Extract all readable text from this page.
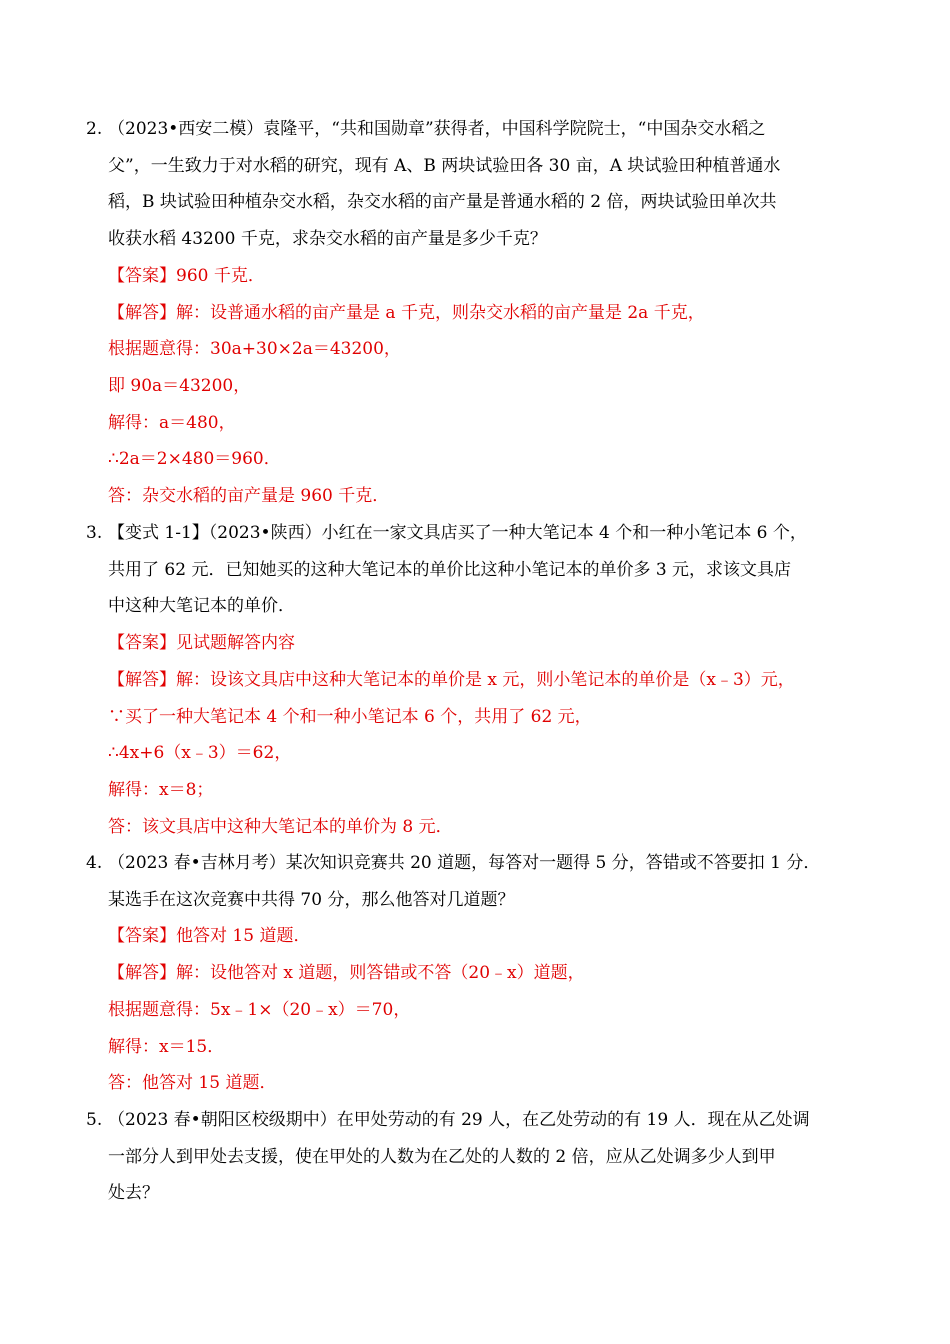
2. （2023•西安二模）袁隆平，“共和国勋章”获得者，中国科学院院士，“中国杂交水稻之
父”，一生致力于对水稻的研究，现有 A、B 两块试验田各 30 亩，A 块试验田种植普通水
稻，B 块试验田种植杂交水稻，杂交水稻的亩产量是普通水稻的 2 倍，两块试验田单次共
收获水稻 43200 千克，求杂交水稻的亩产量是多少千克？
【答案】960 千克．
【解答】解：设普通水稻的亩产量是 a 千克，则杂交水稻的亩产量是 2a 千克，
根据题意得：30a+30×2a＝43200，
即 90a＝43200，
解得：a＝480，
∴2a＝2×480＝960．
答：杂交水稻的亩产量是 960 千克．
3. 【变式 1-1】（2023•陕西）小红在一家文具店买了一种大笔记本 4 个和一种小笔记本 6 个，
共用了 62 元．已知她买的这种大笔记本的单价比这种小笔记本的单价多 3 元，求该文具店
中这种大笔记本的单价．
【答案】见试题解答内容
【解答】解：设该文具店中这种大笔记本的单价是 x 元，则小笔记本的单价是（x﹣3）元，
∵买了一种大笔记本 4 个和一种小笔记本 6 个，共用了 62 元，
∴4x+6（x﹣3）＝62，
解得：x＝8；
答：该文具店中这种大笔记本的单价为 8 元．
4. （2023 春•吉林月考）某次知识竞赛共 20 道题，每答对一题得 5 分，答错或不答要扣 1 分．
某选手在这次竞赛中共得 70 分，那么他答对几道题？
【答案】他答对 15 道题．
【解答】解：设他答对 x 道题，则答错或不答（20﹣x）道题，
根据题意得：5x﹣1×（20﹣x）＝70，
解得：x＝15．
答：他答对 15 道题．
5. （2023 春•朝阳区校级期中）在甲处劳动的有 29 人，在乙处劳动的有 19 人．现在从乙处调
一部分人到甲处去支援，使在甲处的人数为在乙处的人数的 2 倍，应从乙处调多少人到甲
处去？
